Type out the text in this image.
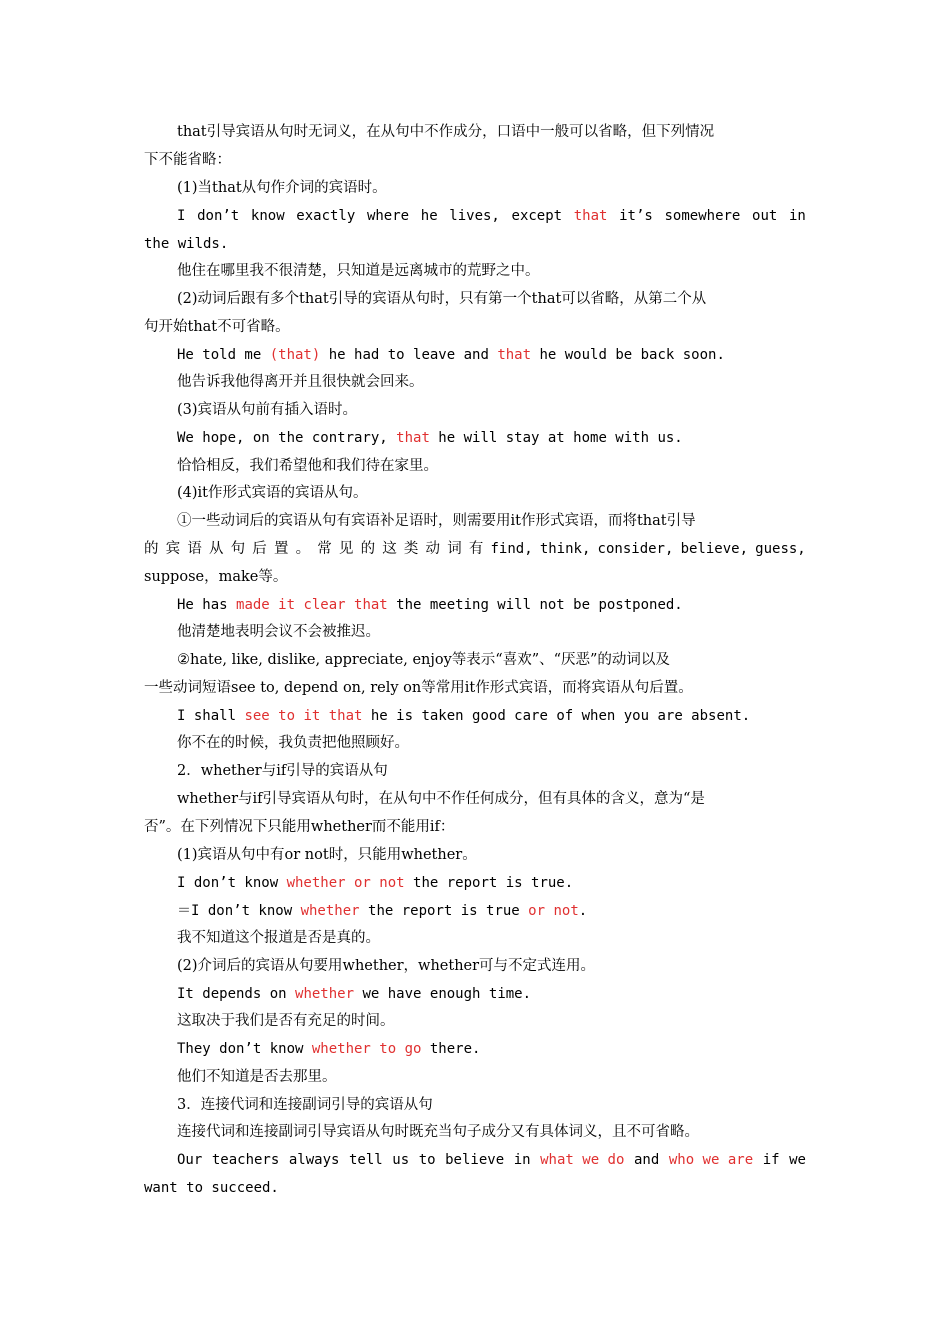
that引导宾语从句时无词义，在从句中不作成分，口语中一般可以省略，但下列情况
下不能省略：
(1)当that从句作介词的宾语时。
I don’t know exactly where he lives, except that it’s somewhere out in
the wilds.
他住在哪里我不很清楚，只知道是远离城市的荒野之中。
(2)动词后跟有多个that引导的宾语从句时，只有第一个that可以省略，从第二个从
句开始that不可省略。
He told me (that) he had to leave and that he would be back soon.
他告诉我他得离开并且很快就会回来。
(3)宾语从句前有插入语时。
We hope, on the contrary, that he will stay at home with us.
恰恰相反，我们希望他和我们待在家里。
(4)it作形式宾语的宾语从句。
①一些动词后的宾语从句有宾语补足语时，则需要用it作形式宾语，而将that引导
的 宾 语 从 句 后 置 。 常 见 的 这 类 动 词 有 find, think, consider, believe, guess,
suppose，make等。
He has made it clear that the meeting will not be postponed.
他清楚地表明会议不会被推迟。
②hate, like, dislike, appreciate, enjoy等表示“喜欢”、“厌恶”的动词以及
一些动词短语see to, depend on, rely on等常用it作形式宾语，而将宾语从句后置。
I shall see to it that he is taken good care of when you are absent.
你不在的时候，我负责把他照顾好。
2．whether与if引导的宾语从句
whether与if引导宾语从句时，在从句中不作任何成分，但有具体的含义，意为“是
否”。在下列情况下只能用whether而不能用if：
(1)宾语从句中有or not时，只能用whether。
I don’t know whether or not the report is true.
＝I don’t know whether the report is true or not.
我不知道这个报道是否是真的。
(2)介词后的宾语从句要用whether，whether可与不定式连用。
It depends on whether we have enough time.
这取决于我们是否有充足的时间。
They don’t know whether to go there.
他们不知道是否去那里。
3．连接代词和连接副词引导的宾语从句
连接代词和连接副词引导宾语从句时既充当句子成分又有具体词义，且不可省略。
Our teachers always tell us to believe in what we do and who we are if we
want to succeed.
